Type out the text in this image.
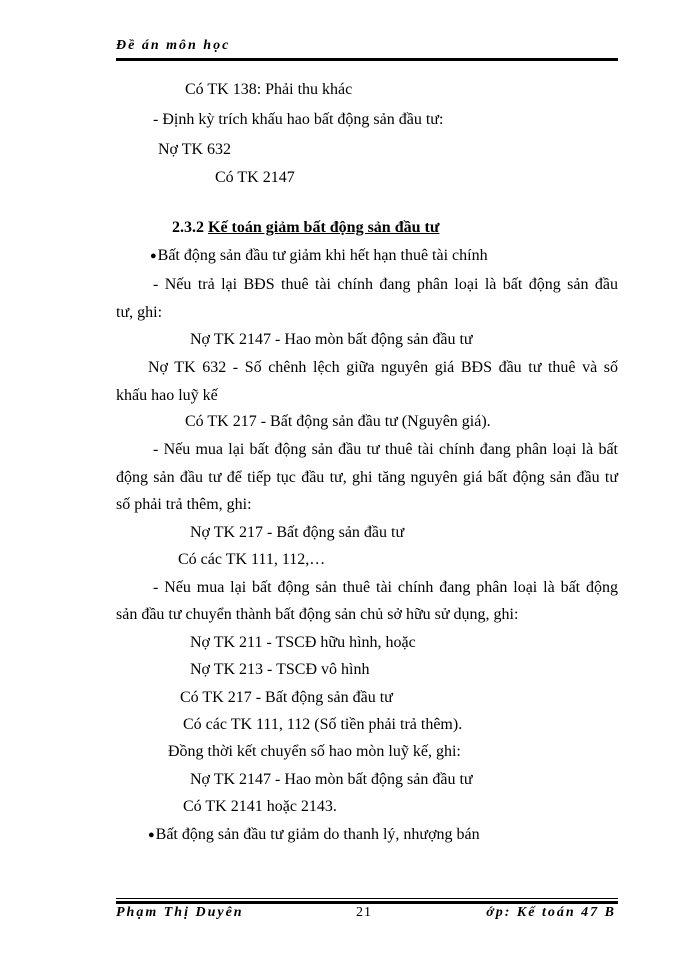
Đề án môn học
Có TK 138: Phải thu khác
- Định kỳ trích khấu hao bất động sản đầu tư:
Nợ TK 632
Có TK 2147
2.3.2 Kế toán giảm bất động sản đầu tư
●Bất động sản đầu tư giảm khi hết hạn thuê tài chính
- Nếu trả lại BĐS thuê tài chính đang phân loại là bất động sản đầu
tư, ghi:
Nợ TK 2147 - Hao mòn bất động sản đầu tư
Nợ TK 632 - Số chênh lệch giữa nguyên giá BĐS đầu tư thuê và số
khấu hao luỹ kế
Có TK 217 - Bất động sản đầu tư (Nguyên giá).
- Nếu mua lại bất động sản đầu tư thuê tài chính đang phân loại là bất
động sản đầu tư để tiếp tục đầu tư, ghi tăng nguyên giá bất động sản đầu tư
số phải trả thêm, ghi:
Nợ TK 217 - Bất động sản đầu tư
Có các TK 111, 112,…
- Nếu mua lại bất động sản thuê tài chính đang phân loại là bất động
sản đầu tư chuyển thành bất động sản chủ sở hữu sử dụng, ghi:
Nợ TK 211 - TSCĐ hữu hình, hoặc
Nợ TK 213 - TSCĐ vô hình
Có TK 217 - Bất động sản đầu tư
Có các TK 111, 112 (Số tiền phải trả thêm).
Đồng thời kết chuyển số hao mòn luỹ kế, ghi:
Nợ TK 2147 - Hao mòn bất động sản đầu tư
Có TK 2141 hoặc 2143.
●Bất động sản đầu tư giảm do thanh lý, nhượng bán
Phạm Thị Duyên	21	ớp: Kế toán 47 B
